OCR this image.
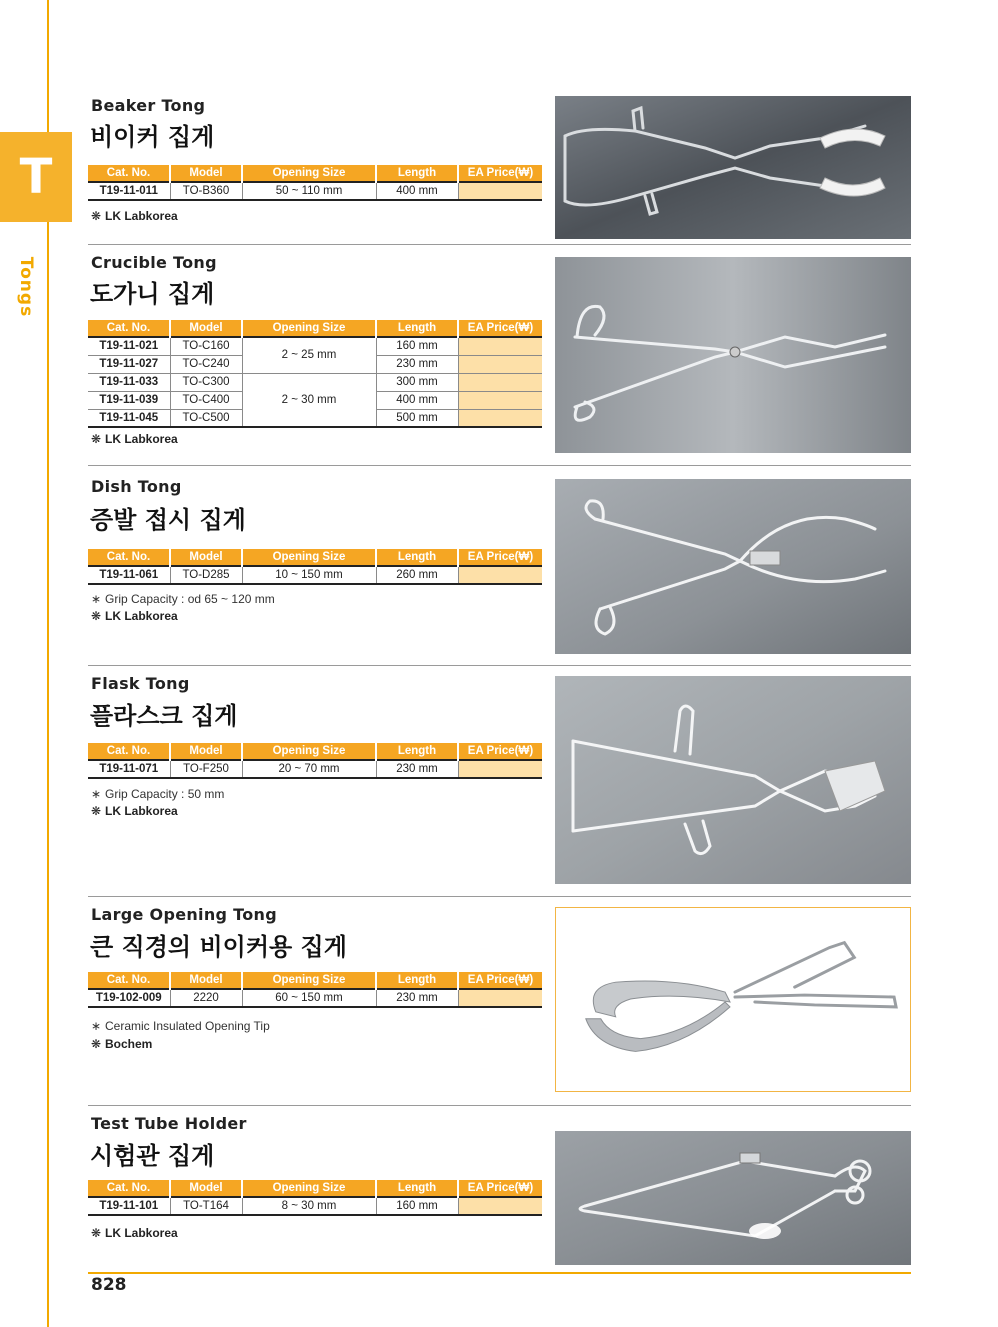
T
Tongs
Beaker Tong
비이커 집게
Cat. No.	Model	Opening Size	Length	EA Price(₩)
T19-11-011	TO-B360	50 ~ 110 mm	400 mm	
❋ LK Labkorea
Crucible Tong
도가니 집게
Cat. No.	Model	Opening Size	Length	EA Price(₩)
T19-11-021	TO-C160	2 ~ 25 mm	160 mm	
T19-11-027	TO-C240		230 mm	
T19-11-033	TO-C300	2 ~ 30 mm	300 mm	
T19-11-039	TO-C400		400 mm	
T19-11-045	TO-C500		500 mm	
❋ LK Labkorea
Dish Tong
증발 접시 집게
Cat. No.	Model	Opening Size	Length	EA Price(₩)
T19-11-061	TO-D285	10 ~ 150 mm	260 mm	
∗ Grip Capacity : od 65 ~ 120 mm
❋ LK Labkorea
Flask Tong
플라스크 집게
Cat. No.	Model	Opening Size	Length	EA Price(₩)
T19-11-071	TO-F250	20 ~ 70 mm	230 mm	
∗ Grip Capacity : 50 mm
❋ LK Labkorea
Large Opening Tong
큰 직경의 비이커용 집게
Cat. No.	Model	Opening Size	Length	EA Price(₩)
T19-102-009	2220	60 ~ 150 mm	230 mm	
∗ Ceramic Insulated Opening Tip
❋ Bochem
Test Tube Holder
시험관 집게
Cat. No.	Model	Opening Size	Length	EA Price(₩)
T19-11-101	TO-T164	8 ~ 30 mm	160 mm	
❋ LK Labkorea
828
